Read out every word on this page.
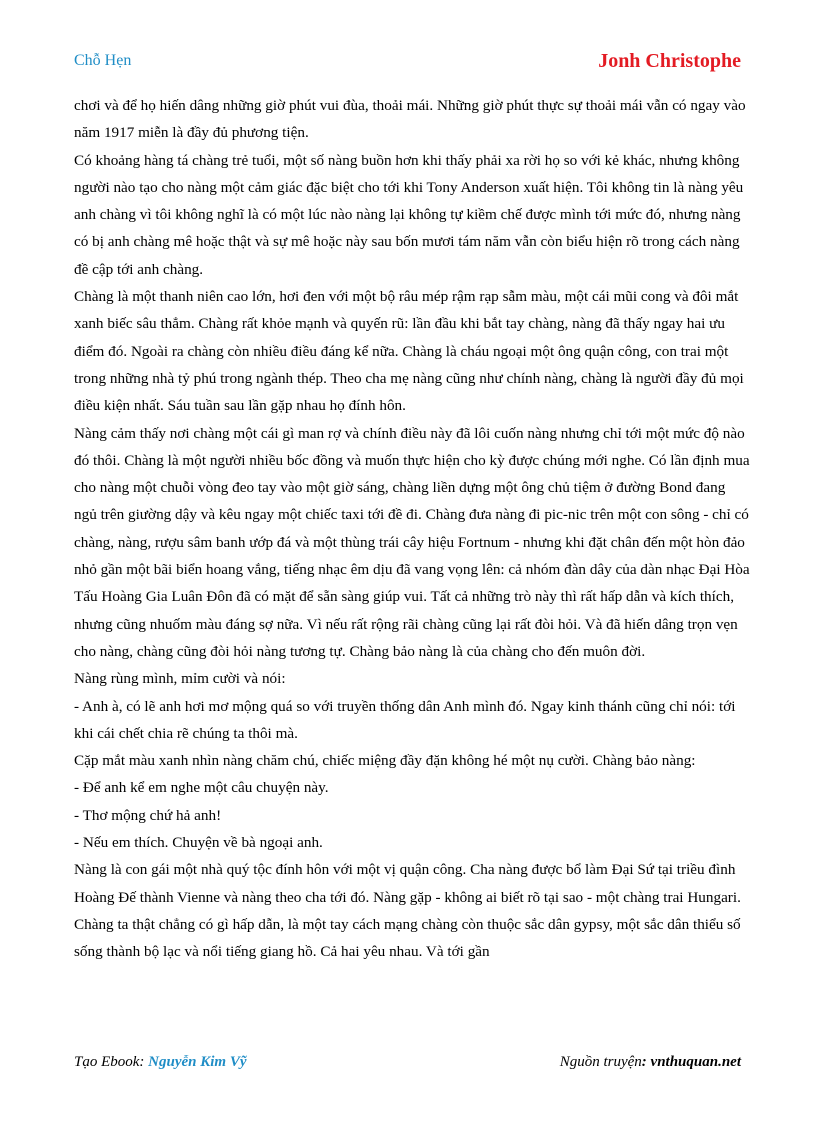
Chỗ Hẹn	Jonh Christophe

chơi và để họ hiến dâng những giờ phút vui đùa, thoải mái. Những giờ phút thực sự thoải mái vẫn có ngay vào năm 1917 miễn là đầy đủ phương tiện.

Có khoảng hàng tá chàng trẻ tuổi, một số nàng buồn hơn khi thấy phải xa rời họ so với kẻ khác, nhưng không người nào tạo cho nàng một cảm giác đặc biệt cho tới khi Tony Anderson xuất hiện. Tôi không tin là nàng yêu anh chàng vì tôi không nghĩ là có một lúc nào nàng lại không tự kiềm chế được mình tới mức đó, nhưng nàng có bị anh chàng mê hoặc thật và sự mê hoặc này sau bốn mươi tám năm vẫn còn biểu hiện rõ trong cách nàng đề cập tới anh chàng.

Chàng là một thanh niên cao lớn, hơi đen với một bộ râu mép rậm rạp sẫm màu, một cái mũi cong và đôi mắt xanh biếc sâu thẳm. Chàng rất khỏe mạnh và quyến rũ: lần đầu khi bắt tay chàng, nàng đã thấy ngay hai ưu điểm đó. Ngoài ra chàng còn nhiều điều đáng kể nữa. Chàng là cháu ngoại một ông quận công, con trai một trong những nhà tỷ phú trong ngành thép. Theo cha mẹ nàng cũng như chính nàng, chàng là người đầy đủ mọi điều kiện nhất. Sáu tuần sau lần gặp nhau họ đính hôn.

Nàng cảm thấy nơi chàng một cái gì man rợ và chính điều này đã lôi cuốn nàng nhưng chỉ tới một mức độ nào đó thôi. Chàng là một người nhiều bốc đồng và muốn thực hiện cho kỳ được chúng mới nghe. Có lần định mua cho nàng một chuỗi vòng đeo tay vào một giờ sáng, chàng liền dựng một ông chủ tiệm ở đường Bond đang ngủ trên giường dậy và kêu ngay một chiếc taxi tới đề đi. Chàng đưa nàng đi pic-nic trên một con sông - chỉ có chàng, nàng, rượu sâm banh ướp đá và một thùng trái cây hiệu Fortnum - nhưng khi đặt chân đến một hòn đảo nhỏ gần một bãi biển hoang vắng, tiếng nhạc êm dịu đã vang vọng lên: cả nhóm đàn dây của dàn nhạc Đại Hòa Tấu Hoàng Gia Luân Đôn đã có mặt để sẵn sàng giúp vui. Tất cả những trò này thì rất hấp dẫn và kích thích, nhưng cũng nhuốm màu đáng sợ nữa. Vì nếu rất rộng rãi chàng cũng lại rất đòi hỏi. Và đã hiến dâng trọn vẹn cho nàng, chàng cũng đòi hỏi nàng tương tự. Chàng bảo nàng là của chàng cho đến muôn đời.

Nàng rùng mình, mỉm cười và nói:

- Anh à, có lẽ anh hơi mơ mộng quá so với truyền thống dân Anh mình đó. Ngay kinh thánh cũng chỉ nói: tới khi cái chết chia rẽ chúng ta thôi mà.

Cặp mắt màu xanh nhìn nàng chăm chú, chiếc miệng đầy đặn không hé một nụ cười. Chàng bảo nàng:

- Để anh kể em nghe một câu chuyện này.

- Thơ mộng chứ hả anh!

- Nếu em thích. Chuyện về bà ngoại anh.

Nàng là con gái một nhà quý tộc đính hôn với một vị quận công. Cha nàng được bổ làm Đại Sứ tại triều đình Hoàng Đế thành Vienne và nàng theo cha tới đó. Nàng gặp - không ai biết rõ tại sao - một chàng trai Hungari. Chàng ta thật chẳng có gì hấp dẫn, là một tay cách mạng chàng còn thuộc sắc dân gypsy, một sắc dân thiểu số sống thành bộ lạc và nổi tiếng giang hồ. Cả hai yêu nhau. Và tới gần

Tạo Ebook: Nguyễn Kim Vỹ	Nguồn truyện: vnthuquan.net
